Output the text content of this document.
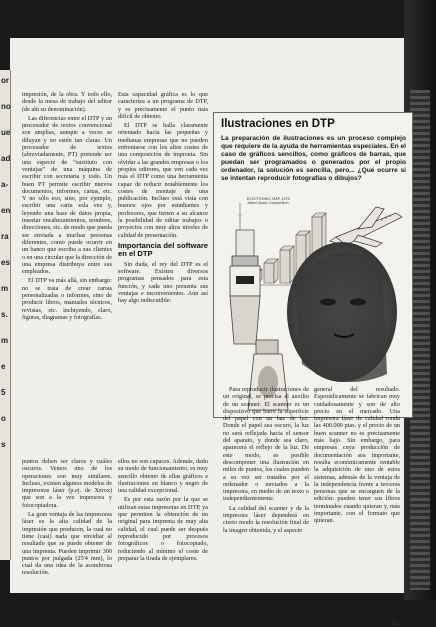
impresión, de la obra. Y todo ello, desde la mesa de trabajo del editor (de ahí su denominación).

Las diferencias entre el DTP y un procesador de textos convencional son amplias, aunque a veces se diluyan y no estén tan claras. Un procesador de textos (abreviadamente, PT) pretende ser una especie de “sustituto con ventajas” de una máquina de escribir con secretaria y todo. Un buen PT permite escribir nuevos documentos, informes, cartas, etc. Y no sólo eso, sino, por ejemplo, escribir una carta sola vez y, leyendo una base de datos propia, insertar encabezamientos, nombres, direcciones, etc. de modo que pueda ser enviada a muchas personas diferentes, como puede ocurrir en un banco que escriba a sus clientes o en una circular que la dirección de una empresa distribuya entre sus empleados.

El DTP va más allá, sin embargo: no se trata de crear cartas personalizadas o informes, sino de producir libros, manuales técnicos, revistas, etc. incluyendo, claro, figuras, diagramas y fotografías.

Esta capacidad gráfica es lo que caracteriza a un programa de DTP, y es precisamente el punto más difícil de obtener.

El DTP se halla claramente orientado hacia las pequeñas y medianas empresas que no pueden enfrentarse con los altos costes de una composición de imprenta. Sin olvidar a las grandes empresas o los propios editores, que ven cada vez más el DTP como una herramienta capaz de reducir notablemente los costes de montaje de una publicación. Incluso está vista con buenos ojos por estudiantes y profesores, que tienen a su alcance la posibilidad de editar trabajos o proyectos con muy altos niveles de calidad de presentación.

Importancia del software en el DTP

Sin duda, el rey del DTP es el software. Existen diversos programas pensados para esta función, y cada uno presenta sus ventajas e inconvenientes. Aún así hay algo indiscutible:

Ilustraciones en DTP
La preparación de ilustraciones es un proceso complejo que requiere de la ayuda de herramientas especiales. En el caso de gráficos sencillos, como gráficos de barras, que puedan ser programados o generados por el propio ordenador, la solución es sencilla, pero... ¿Qué ocurre si se intentan reproducir fotografías o dibujos?
ELECTRONIC MAP 1975
Jabert Aune Competition

puntos deben ser claros y cuáles oscuros. Vemos uno de los operaciones son muy similares. Incluso, existen algunos modelos de impresoras láser (p.ej. de Xerox) que son a la vez impresora y fotocopiadora.

La gran ventaja de las impresoras láser es la alta calidad de la impresión que producen, la cual no tiene (casi) nada que envidiar al resultado que se puede obtener de una imprenta. Pueden imprimir 300 puntos por pulgada (25'4 mm), lo cual da una idea de la asombrosa resolución.

ellos no son capaces. Además, dado su modo de funcionamiento, es muy sencillo obtener de ellas gráficos e ilustraciones en blanco y negro de una calidad excepcional.

Es por esta razón por la que se utilizan estas impresoras en DTP, ya que permiten la obtención de un original para imprenta de muy alta calidad, el cual puede ser después reproducido por procesos fotográficos o fotocopiado, reduciendo al mínimo el coste de preparar la tirada de ejemplares.

Para reproducir ilustraciones de un original, se precisa el auxilio de un scanner. El scanner es un dispositivo que barre la superficie del papel con un haz de luz. Donde el papel sea oscuro, la luz no será reflejada hacia el sensor del aparato, y donde sea claro, aparecerá el reflejo de la luz. De este modo, es posible descomponer una ilustración en miles de puntos, los cuales pueden a su vez ser tratados por el ordenador o enviados a la impresora, en medio de un texto o independientemente.

La calidad del scanner y de la impresora láser dependerá en cierto modo la resolución final de la imagen obtenida, y el aspecto

general del resultado. Esporádicamente se fabrican muy cuidadosamente y son de alto precio en el mercado. Una impresora láser de calidad ronda las 400.000 ptas. y el precio de un buen scanner no es precisamente más bajo. Sin embargo, para empresas cuya producción de documentación sea importante, resulta económicamente rentable la adquisición de uno de estos sistemas, además de la ventaja de la independencia frente a terceras personas que se encarguen de la edición: pueden tener sus libros terminados cuando quieran y, más importante, con el formato que quieran.

21
or
no
ue
ad
a-
en
ra
es
m
s.
m
e
5
o
s
